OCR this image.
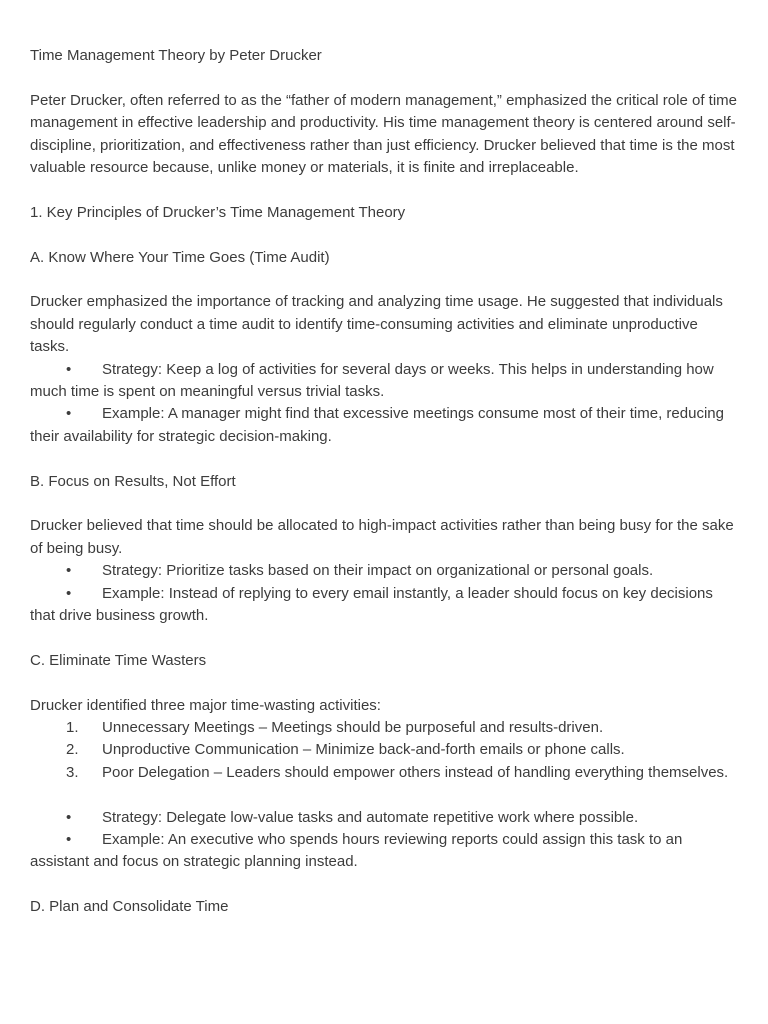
Time Management Theory by Peter Drucker

Peter Drucker, often referred to as the “father of modern management,” emphasized the critical role of time management in effective leadership and productivity. His time management theory is centered around self-discipline, prioritization, and effectiveness rather than just efficiency. Drucker believed that time is the most valuable resource because, unlike money or materials, it is finite and irreplaceable.

1. Key Principles of Drucker’s Time Management Theory

A. Know Where Your Time Goes (Time Audit)

Drucker emphasized the importance of tracking and analyzing time usage. He suggested that individuals should regularly conduct a time audit to identify time-consuming activities and eliminate unproductive tasks.

• Strategy: Keep a log of activities for several days or weeks. This helps in understanding how much time is spent on meaningful versus trivial tasks.

• Example: A manager might find that excessive meetings consume most of their time, reducing their availability for strategic decision-making.

B. Focus on Results, Not Effort

Drucker believed that time should be allocated to high-impact activities rather than being busy for the sake of being busy.

• Strategy: Prioritize tasks based on their impact on organizational or personal goals.

• Example: Instead of replying to every email instantly, a leader should focus on key decisions that drive business growth.

C. Eliminate Time Wasters

Drucker identified three major time-wasting activities:

1. Unnecessary Meetings – Meetings should be purposeful and results-driven.

2. Unproductive Communication – Minimize back-and-forth emails or phone calls.

3. Poor Delegation – Leaders should empower others instead of handling everything themselves.

• Strategy: Delegate low-value tasks and automate repetitive work where possible.

• Example: An executive who spends hours reviewing reports could assign this task to an assistant and focus on strategic planning instead.

D. Plan and Consolidate Time
